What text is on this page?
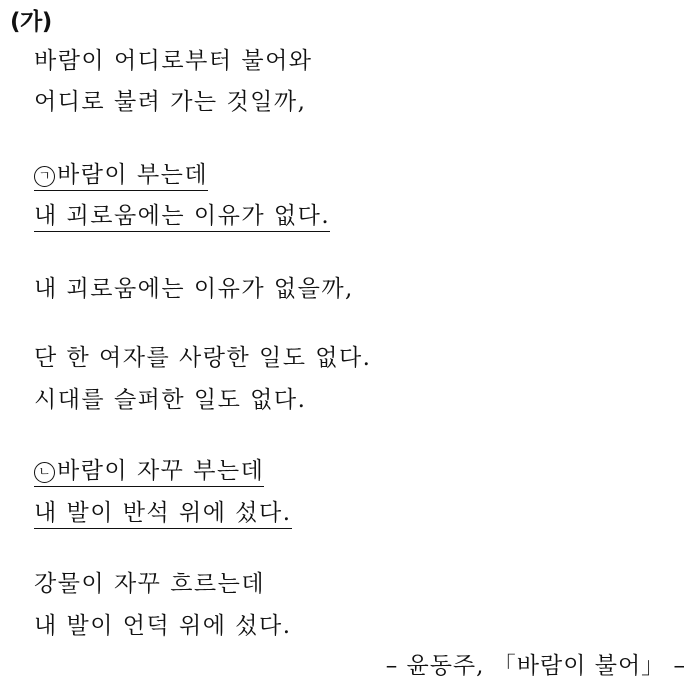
(가)
바람이 어디로부터 불어와
어디로 불려 가는 것일까,
ㄱ 바람이 부는데
내 괴로움에는 이유가 없다.
내 괴로움에는 이유가 없을까,
단 한 여자를 사랑한 일도 없다.
시대를 슬퍼한 일도 없다.
ㄴ 바람이 자꾸 부는데
내 발이 반석 위에 섰다.
강물이 자꾸 흐르는데
내 발이 언덕 위에 섰다.
– 윤동주, 「바람이 불어」 –
